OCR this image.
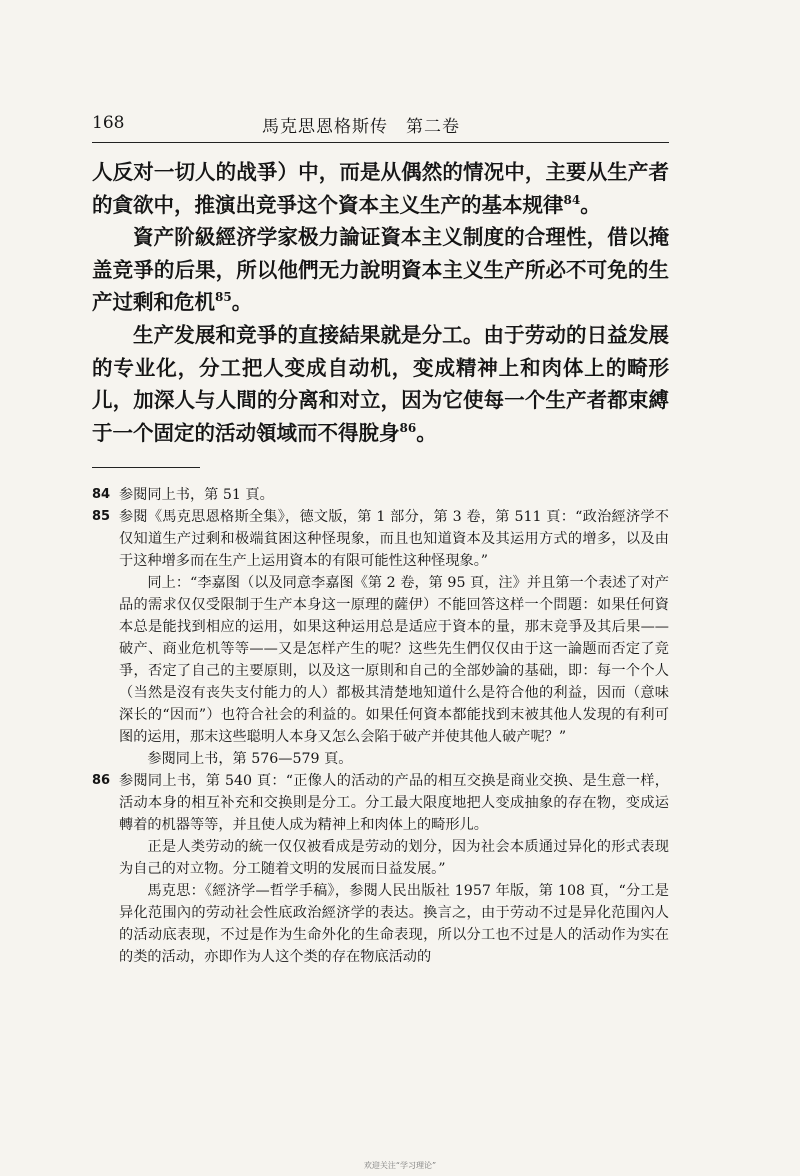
168	馬克思恩格斯传　第二卷

人反对一切人的战爭）中，而是从偶然的情况中，主要从生产者的貪欲中，推演出竞爭这个資本主义生产的基本规律$^{84}$。

資产阶級經济学家极力論证資本主义制度的合理性，借以掩盖竞爭的后果，所以他們无力說明資本主义生产所必不可免的生产过剩和危机$^{85}$。

生产发展和竞爭的直接結果就是分工。由于劳动的日益发展的专业化，分工把人变成自动机，变成精神上和肉体上的畸形儿，加深人与人間的分离和对立，因为它使每一个生产者都束縛于一个固定的活动領域而不得脫身$^{86}$。

84 参閱同上书，第 51 頁。

85 参閱《馬克思恩格斯全集》，德文版，第 1 部分，第 3 卷，第 511 頁：“政治經济学不仅知道生产过剩和极端貧困这种怪現象，而且也知道資本及其运用方式的增多，以及由于这种增多而在生产上运用資本的有限可能性这种怪現象。”

同上：“李嘉图（以及同意李嘉图《第 2 卷，第 95 頁，注》并且第一个表述了对产品的需求仅仅受限制于生产本身这一原理的薩伊）不能回答这样一个問題：如果任何資本总是能找到相应的运用，如果这种运用总是适应于資本的量，那末竞爭及其后果——破产、商业危机等等——又是怎样产生的呢？这些先生們仅仅由于这一論题而否定了竞爭，否定了自己的主要原則，以及这一原則和自己的全部妙論的基础，即：每一个个人（当然是沒有丧失支付能力的人）都极其清楚地知道什么是符合他的利益，因而（意味深长的“因而”）也符合社会的利益的。如果任何資本都能找到末被其他人发現的有利可图的运用，那末这些聪明人本身又怎么会陷于破产并使其他人破产呢？”

参閱同上书，第 576—579 頁。

86 参閱同上书，第 540 頁：“正像人的活动的产品的相互交换是商业交换、是生意一样，活动本身的相互补充和交换則是分工。分工最大限度地把人变成抽象的存在物，变成运轉着的机器等等，并且使人成为精神上和肉体上的畸形儿。

正是人类劳动的統一仅仅被看成是劳动的划分，因为社会本质通过异化的形式表现为自己的对立物。分工随着文明的发展而日益发展。”

馬克思：《經济学—哲学手稿》，参閱人民出版社 1957 年版，第 108 頁，“分工是异化范围內的劳动社会性底政治經济学的表达。換言之，由于劳动不过是异化范围內人的活动底表现，不过是作为生命外化的生命表现，所以分工也不过是人的活动作为实在的类的活动，亦即作为人这个类的存在物底活动的

欢迎关注“学习理论”
